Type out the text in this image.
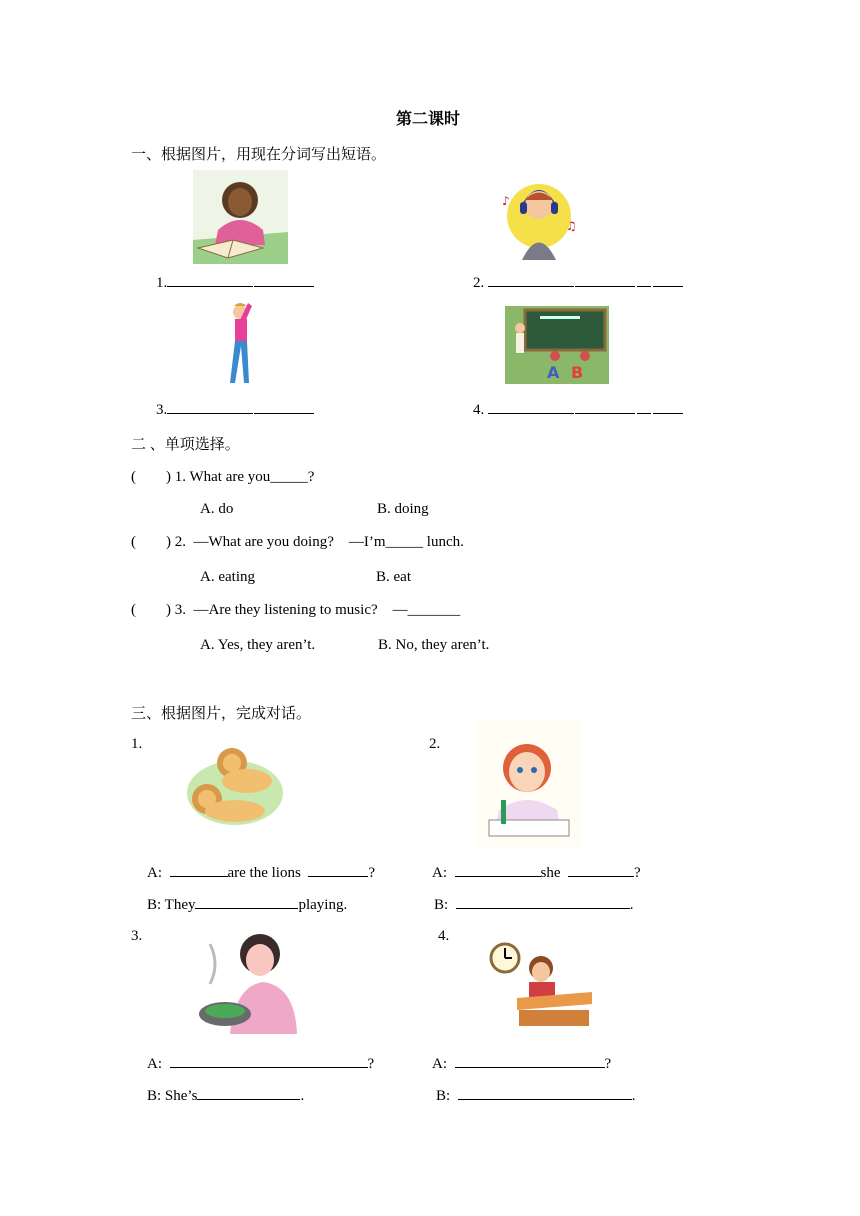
第二课时
一、根据图片，用现在分词写出短语。
♪
♫
1.	2.
A B
3.	4.
二 、单项选择。
(        ) 1. What are you_____?
A. do	B. doing
(        ) 2.  —What are you doing?    —I’m_____ lunch.
A. eating	B. eat
(        ) 3.  —Are they listening to music?    —_______
A. Yes, they aren’t.	B. No, they aren’t.
三、根据图片，完成对话。
1.	2.
A:	are the lions	?
B: They	playing.
A:	she	?
B:	.
3.	4.
A:	?
B: She’s	.
A:	?
B:	.
